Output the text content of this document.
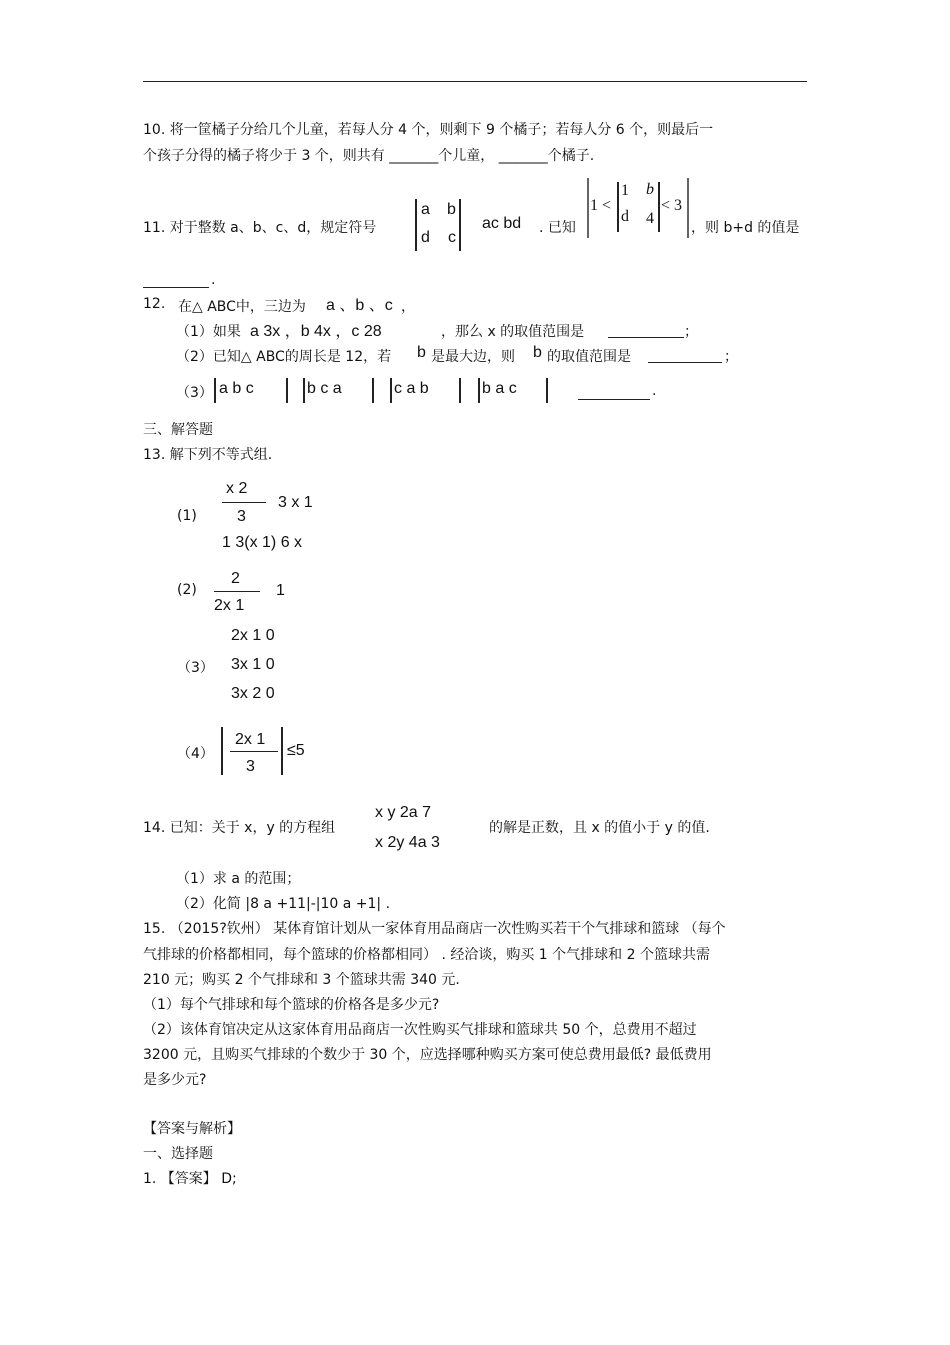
10. 将一筐橘子分给几个儿童，若每人分 4 个，则剩下 9 个橘子；若每人分 6 个，则最后一
个孩子分得的橘子将少于 3 个，则共有 _______个儿童， _______个橘子.
11. 对于整数 a、b、c、d，规定符号
a b
d c
ac bd . 已知
1 <
1 b
d 4
< 3
，则 b+d 的值是
.
12. 在△ ABC中，三边为 a 、b 、c ，
（1）如果 a 3x ，b 4x ，c 28	，那么 x 的取值范围是	；
（2）已知△ ABC的周长是 12，若 b 是最大边，则 b 的取值范围是	；
（3） a b c	b c a	c a b	b a c	.
三、解答题
13. 解下列不等式组.
(1)
x 2
3
3 x 1
1 3(x 1) 6 x
(2)
2
2x 1
1
（3）
2x 1 0
3x 1 0
3x 2 0
（4）
2x 1
3
≤5
14. 已知：关于 x，y 的方程组
x y 2a 7
x 2y 4a 3
的解是正数，且 x 的值小于 y 的值.
（1）求 a 的范围；
（2）化简 |8 a +11|-|10 a +1| .
15. （2015?钦州） 某体育馆计划从一家体育用品商店一次性购买若干个气排球和篮球 （每个
气排球的价格都相同，每个篮球的价格都相同） . 经洽谈，购买 1 个气排球和 2 个篮球共需
210 元；购买 2 个气排球和 3 个篮球共需 340 元.
（1）每个气排球和每个篮球的价格各是多少元?
（2）该体育馆决定从这家体育用品商店一次性购买气排球和篮球共 50 个，总费用不超过
3200 元，且购买气排球的个数少于 30 个，应选择哪种购买方案可使总费用最低? 最低费用
是多少元?
【答案与解析】
一、选择题
1. 【答案】 D;
